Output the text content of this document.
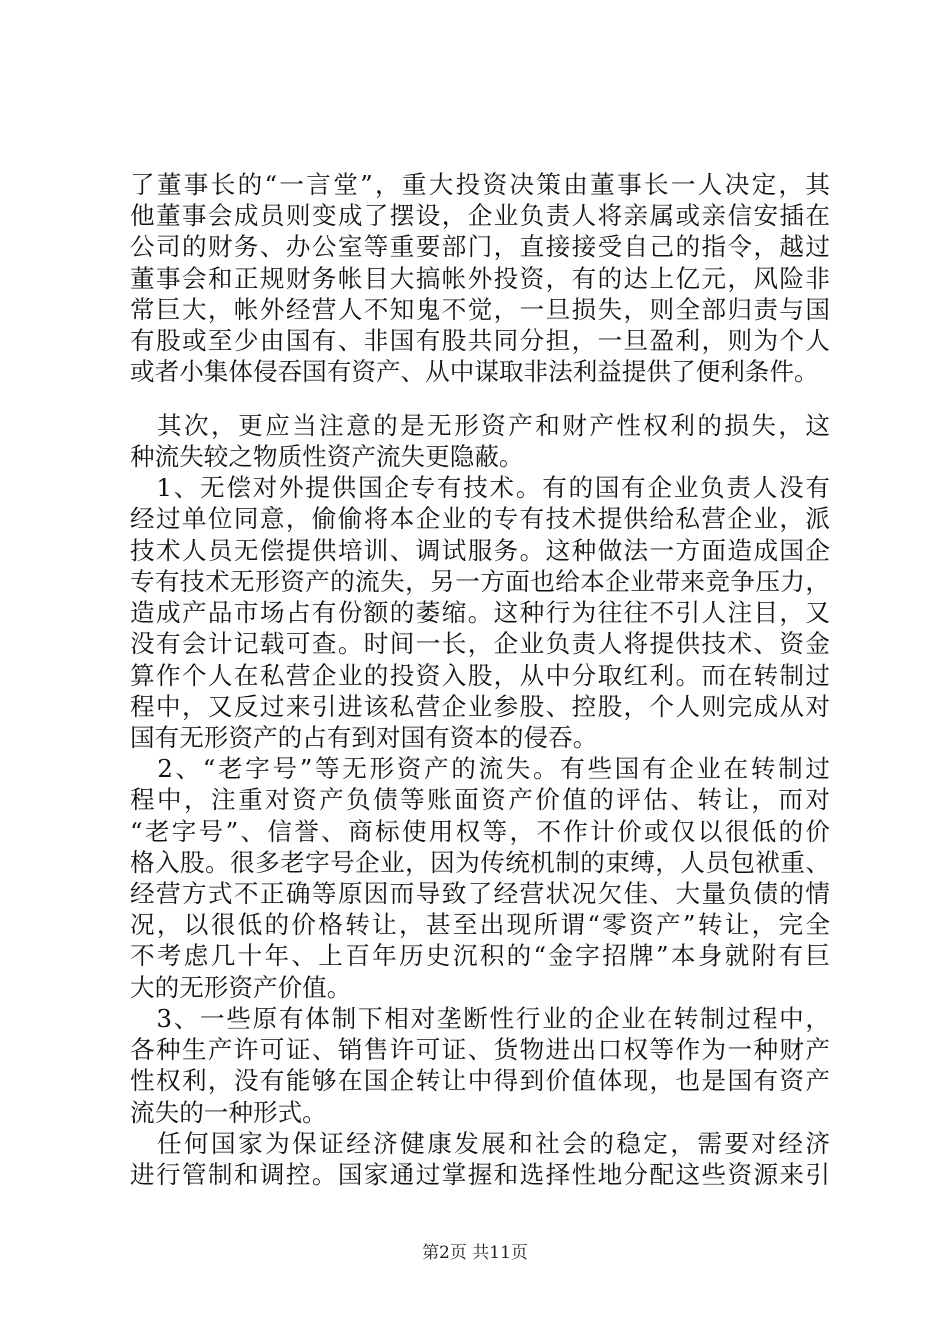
了董事长的“一言堂”，重大投资决策由董事长一人决定，其
他董事会成员则变成了摆设，企业负责人将亲属或亲信安插在
公司的财务、办公室等重要部门，直接接受自己的指令，越过
董事会和正规财务帐目大搞帐外投资，有的达上亿元，风险非
常巨大，帐外经营人不知鬼不觉，一旦损失，则全部归责与国
有股或至少由国有、非国有股共同分担，一旦盈利，则为个人
或者小集体侵吞国有资产、从中谋取非法利益提供了便利条件。
　其次，更应当注意的是无形资产和财产性权利的损失，这
种流失较之物质性资产流失更隐蔽。
　1、无偿对外提供国企专有技术。有的国有企业负责人没有
经过单位同意，偷偷将本企业的专有技术提供给私营企业，派
技术人员无偿提供培训、调试服务。这种做法一方面造成国企
专有技术无形资产的流失，另一方面也给本企业带来竞争压力，
造成产品市场占有份额的萎缩。这种行为往往不引人注目，又
没有会计记载可查。时间一长，企业负责人将提供技术、资金
算作个人在私营企业的投资入股，从中分取红利。而在转制过
程中，又反过来引进该私营企业参股、控股，个人则完成从对
国有无形资产的占有到对国有资本的侵吞。
　2、“老字号”等无形资产的流失。有些国有企业在转制过
程中，注重对资产负债等账面资产价值的评估、转让，而对
“老字号”、信誉、商标使用权等，不作计价或仅以很低的价
格入股。很多老字号企业，因为传统机制的束缚，人员包袱重、
经营方式不正确等原因而导致了经营状况欠佳、大量负债的情
况，以很低的价格转让，甚至出现所谓“零资产”转让，完全
不考虑几十年、上百年历史沉积的“金字招牌”本身就附有巨
大的无形资产价值。
　3、一些原有体制下相对垄断性行业的企业在转制过程中，
各种生产许可证、销售许可证、货物进出口权等作为一种财产
性权利，没有能够在国企转让中得到价值体现，也是国有资产
流失的一种形式。
　任何国家为保证经济健康发展和社会的稳定，需要对经济
进行管制和调控。国家通过掌握和选择性地分配这些资源来引
第2页 共11页
